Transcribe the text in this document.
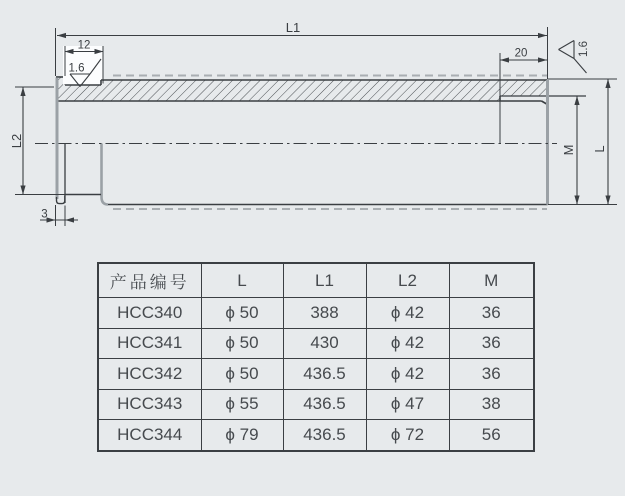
L1
12
1.6
20	1.6
3
L2
M L
产品编号	L	L1	L2	M
HCC340	ϕ 50	388	ϕ 42	36
HCC341	ϕ 50	430	ϕ 42	36
HCC342	ϕ 50	436.5	ϕ 42	36
HCC343	ϕ 55	436.5	ϕ 47	38
HCC344	ϕ 79	436.5	ϕ 72	56
